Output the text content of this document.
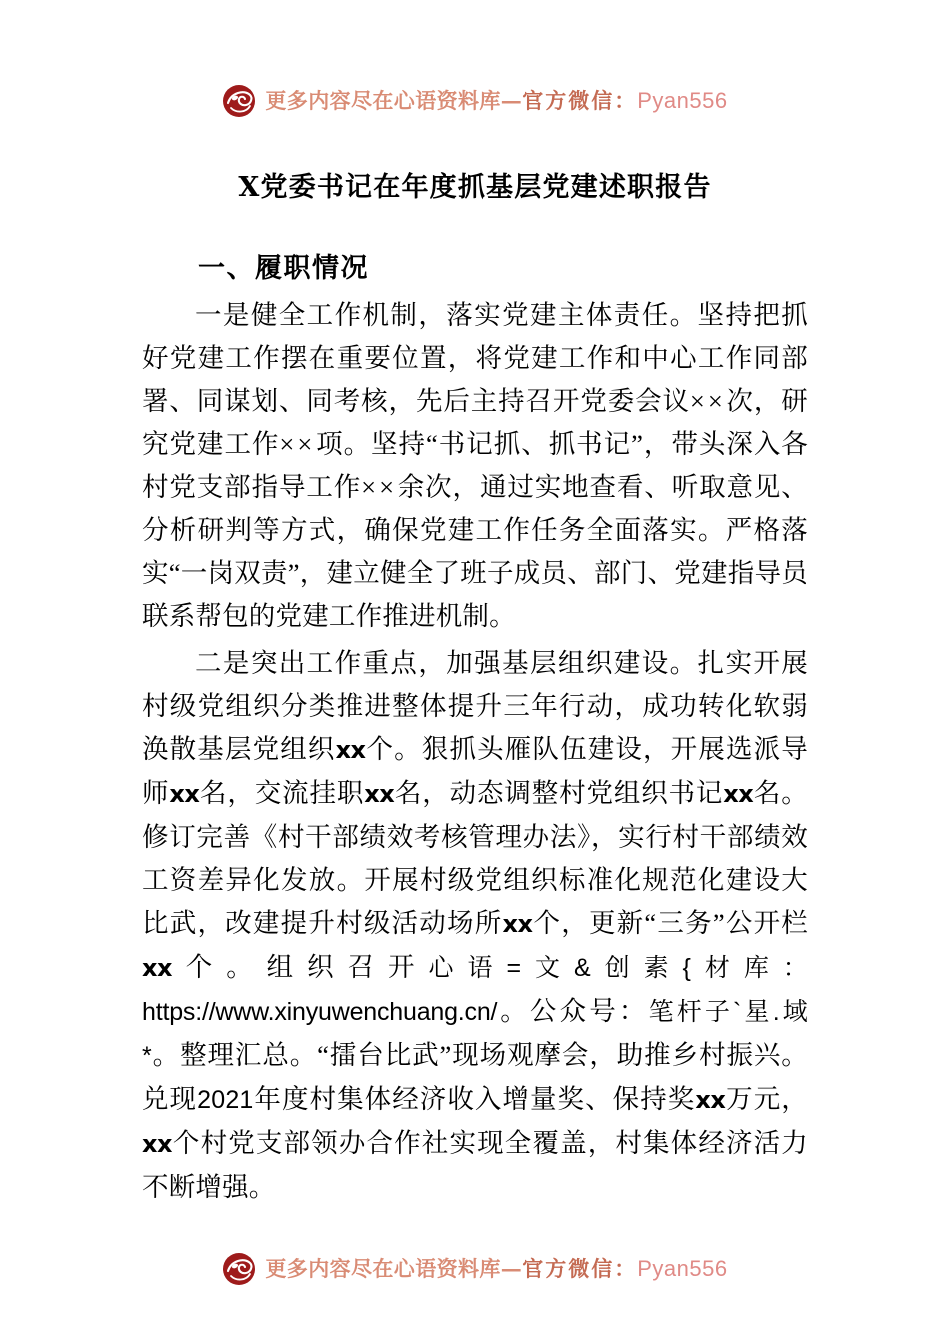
更多内容尽在心语资料库—官方微信：Pyan556
X党委书记在年度抓基层党建述职报告
一、履职情况

一是健全工作机制，落实党建主体责任。坚持把抓好党建工作摆在重要位置，将党建工作和中心工作同部署、同谋划、同考核，先后主持召开党委会议××次，研究党建工作××项。坚持“书记抓、抓书记”，带头深入各村党支部指导工作××余次，通过实地查看、听取意见、分析研判等方式，确保党建工作任务全面落实。严格落实“一岗双责”，建立健全了班子成员、部门、党建指导员联系帮包的党建工作推进机制。

二是突出工作重点，加强基层组织建设。扎实开展村级党组织分类推进整体提升三年行动，成功转化软弱涣散基层党组织xx个。狠抓头雁队伍建设，开展选派导师xx名，交流挂职xx名，动态调整村党组织书记xx名。修订完善《村干部绩效考核管理办法》，实行村干部绩效工资差异化发放。开展村级党组织标准化规范化建设大比武，改建提升村级活动场所xx个，更新“三务”公开栏xx个。组织召开心语=文&创素{材库： https://www.xinyuwenchuang.cn/。公众号：笔杆子`星.域*。整理汇总。“擂台比武”现场观摩会，助推乡村振兴。兑现2021年度村集体经济收入增量奖、保持奖xx万元，xx个村党支部领办合作社实现全覆盖，村集体经济活力不断增强。

更多内容尽在心语资料库—官方微信：Pyan556
